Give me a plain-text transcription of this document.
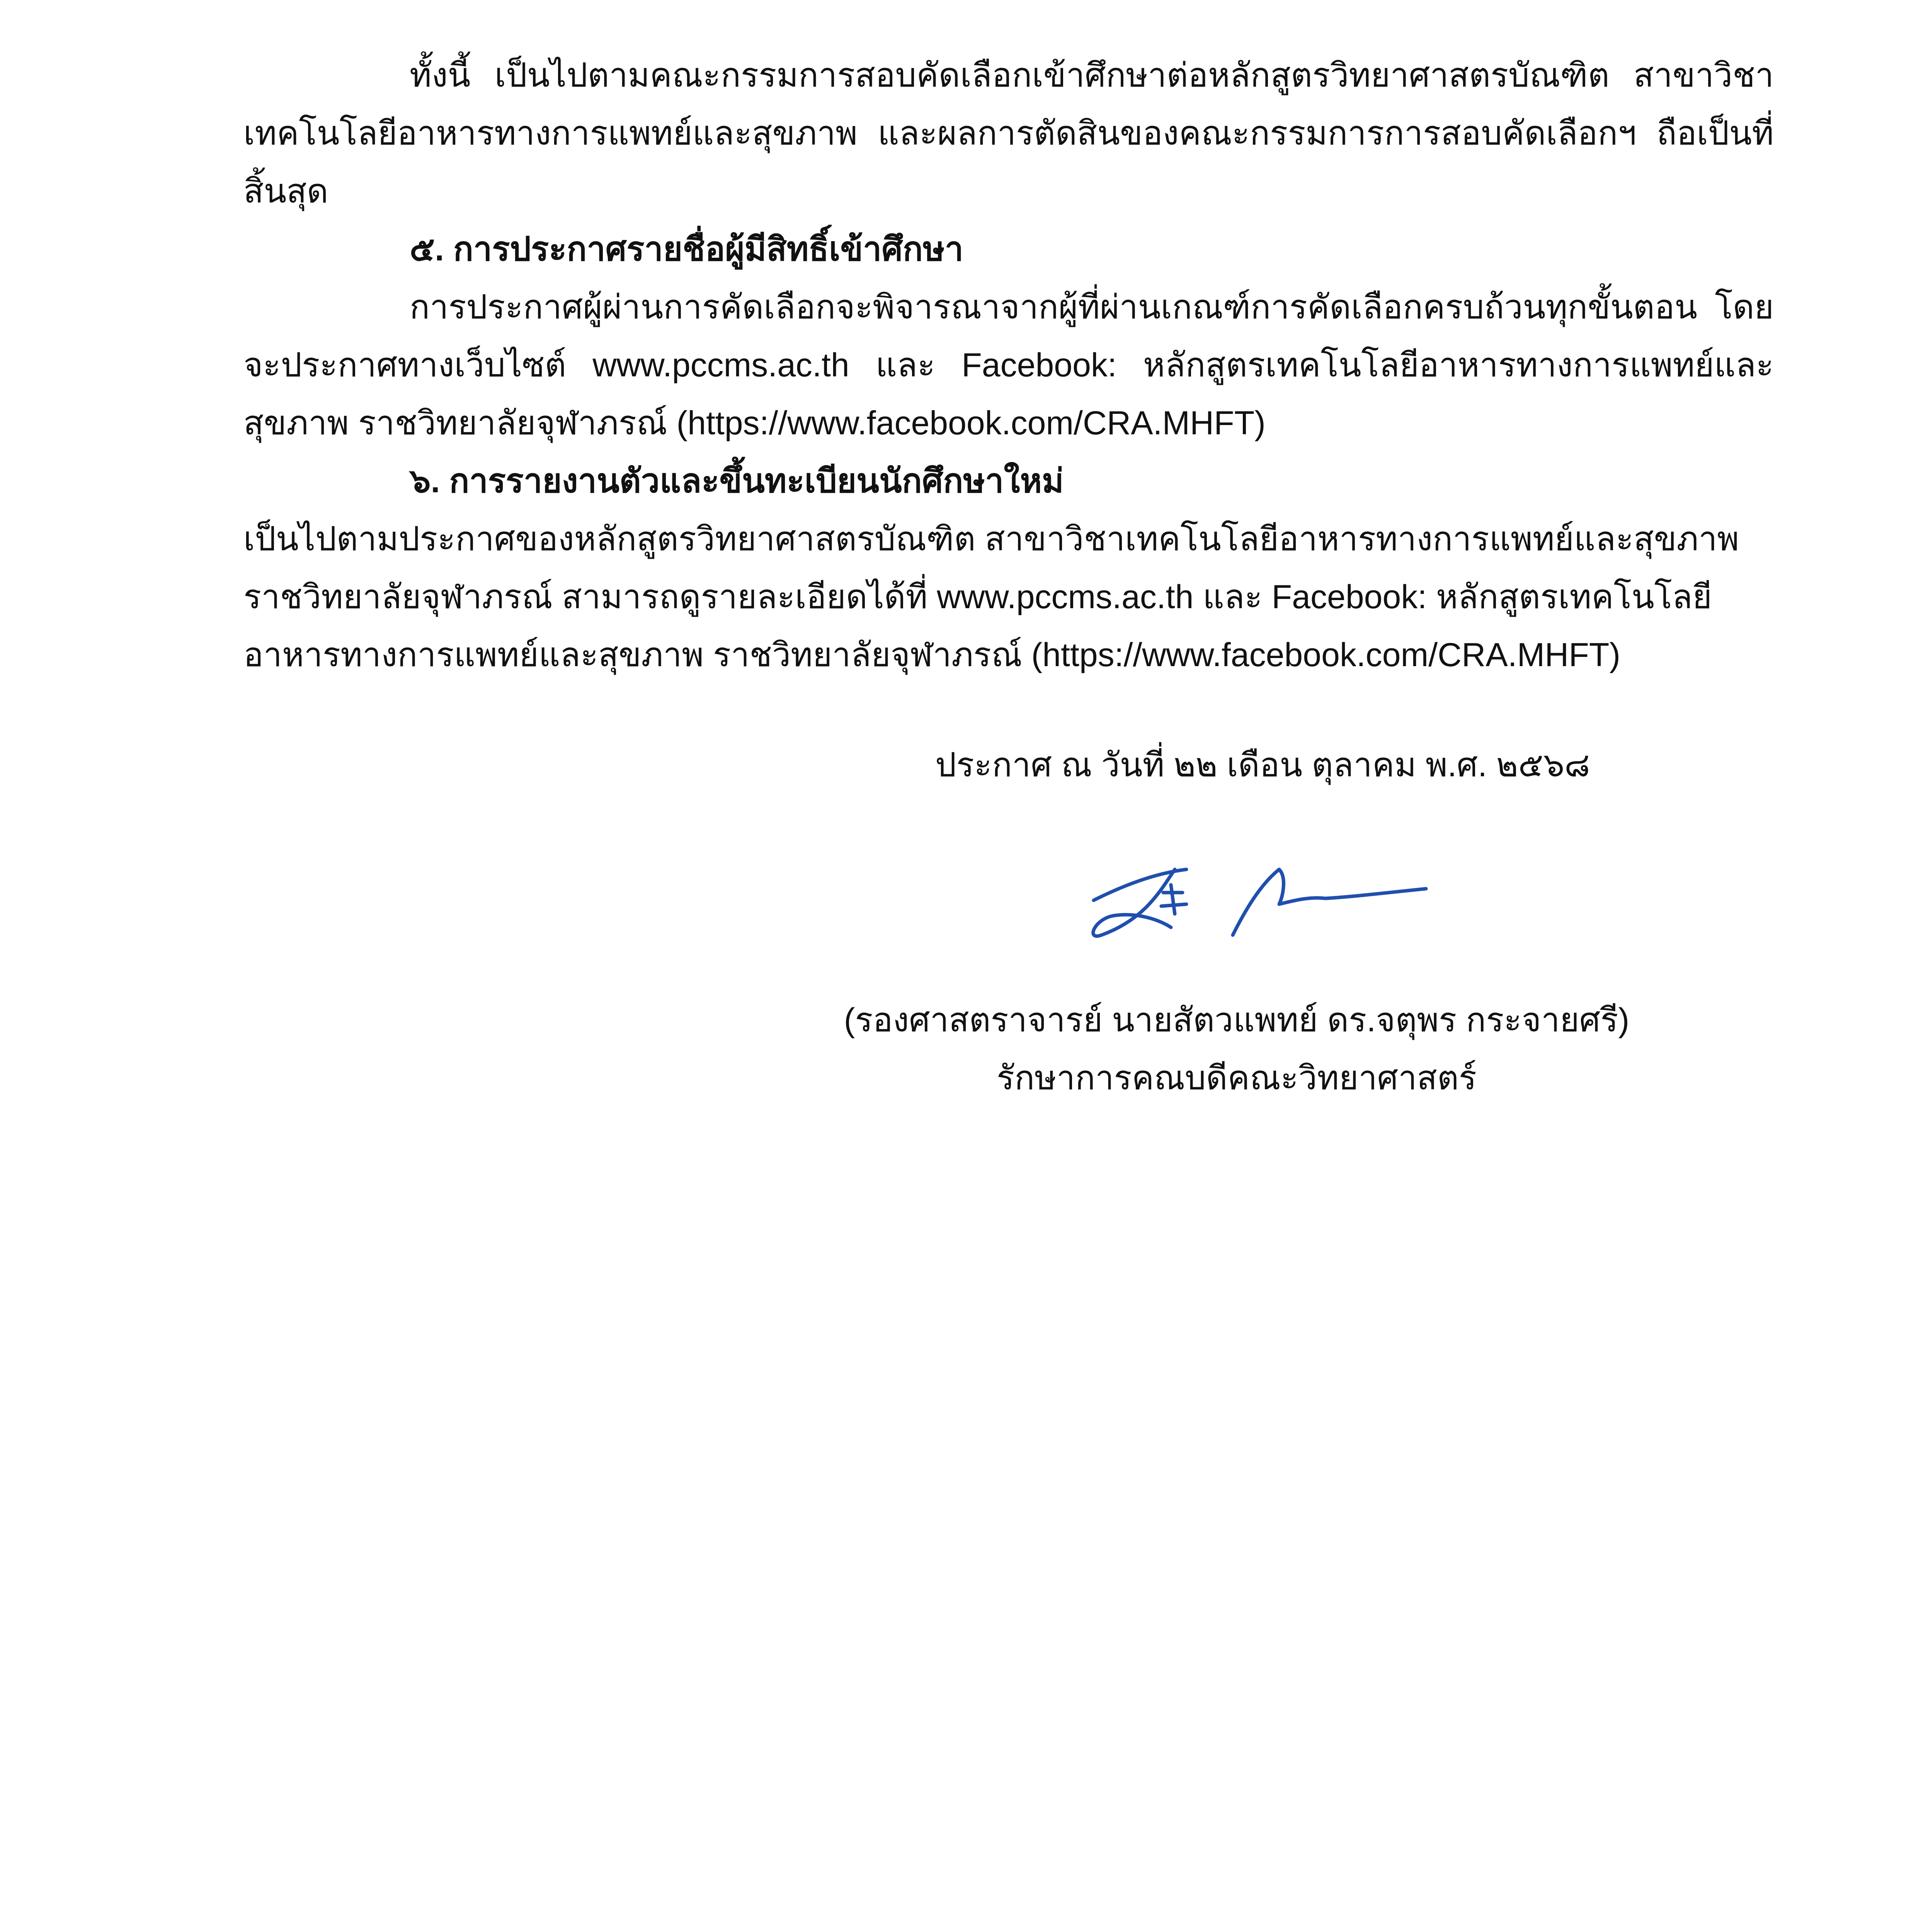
ทั้งนี้ เป็นไปตามคณะกรรมการสอบคัดเลือกเข้าศึกษาต่อหลักสูตรวิทยาศาสตรบัณฑิต สาขาวิชาเทคโนโลยีอาหารทางการแพทย์และสุขภาพ และผลการตัดสินของคณะกรรมการการสอบคัดเลือกฯ ถือเป็นที่สิ้นสุด

๕. การประกาศรายชื่อผู้มีสิทธิ์เข้าศึกษา

การประกาศผู้ผ่านการคัดเลือกจะพิจารณาจากผู้ที่ผ่านเกณฑ์การคัดเลือกครบถ้วนทุกขั้นตอน โดยจะประกาศทางเว็บไซต์ www.pccms.ac.th และ Facebook: หลักสูตรเทคโนโลยีอาหารทางการแพทย์และสุขภาพ ราชวิทยาลัยจุฬาภรณ์ (https://www.facebook.com/CRA.MHFT)

๖. การรายงานตัวและขึ้นทะเบียนนักศึกษาใหม่

เป็นไปตามประกาศของหลักสูตรวิทยาศาสตรบัณฑิต สาขาวิชาเทคโนโลยีอาหารทางการแพทย์และสุขภาพ ราชวิทยาลัยจุฬาภรณ์ สามารถดูรายละเอียดได้ที่ www.pccms.ac.th และ Facebook: หลักสูตรเทคโนโลยีอาหารทางการแพทย์และสุขภาพ ราชวิทยาลัยจุฬาภรณ์ (https://www.facebook.com/CRA.MHFT)

ประกาศ ณ วันที่ ๒๒ เดือน ตุลาคม พ.ศ. ๒๕๖๘
(รองศาสตราจารย์ นายสัตวแพทย์ ดร.จตุพร กระจายศรี)
รักษาการคณบดีคณะวิทยาศาสตร์
